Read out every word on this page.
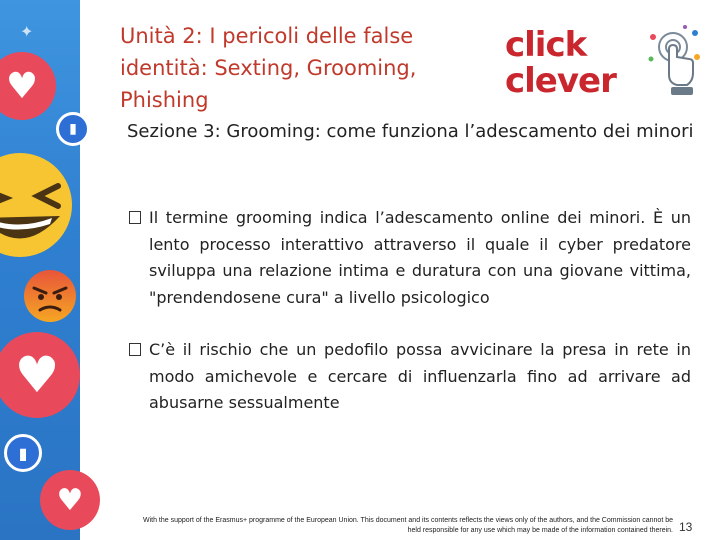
♥
✦
▮
♥
▮
♥
Unità 2: I pericoli delle false identità: Sexting, Grooming, Phishing
click
clever
Sezione 3: Grooming: come funziona l’adescamento dei minori
Il termine grooming indica l’adescamento online dei minori. È un lento processo interattivo attraverso il quale il cyber predatore sviluppa una relazione intima e duratura con una giovane vittima, "prendendosene cura" a livello psicologico
C’è il rischio che un pedofilo possa avvicinare la presa in rete in modo amichevole e cercare di influenzarla fino ad arrivare ad abusarne sessualmente
With the support of the Erasmus+ programme of the European Union. This document and its contents reflects the views only of the authors, and the Commission cannot be held responsible for any use which may be made of the information contained therein. 13
